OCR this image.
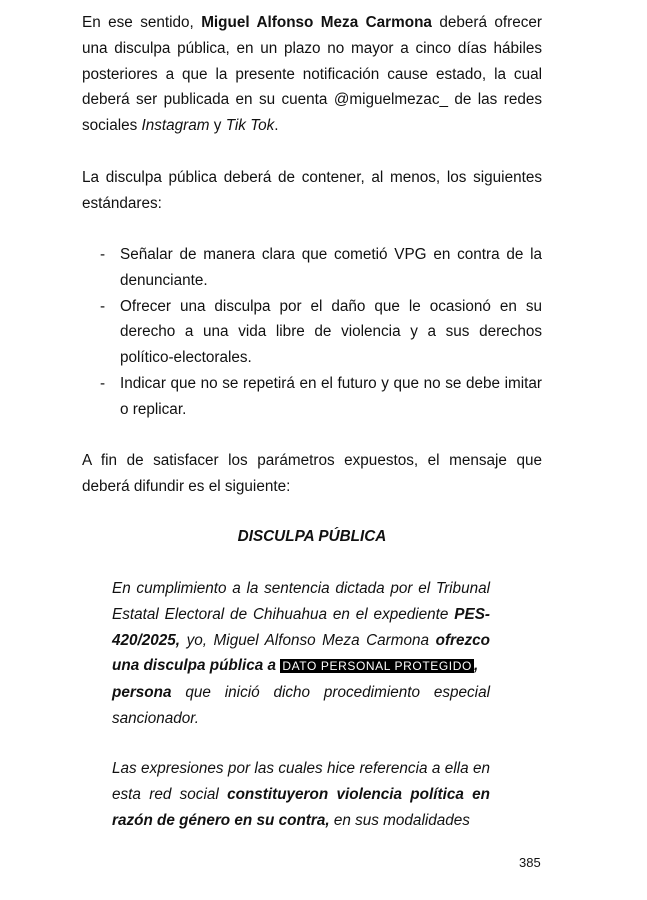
En ese sentido, Miguel Alfonso Meza Carmona deberá ofrecer una disculpa pública, en un plazo no mayor a cinco días hábiles posteriores a que la presente notificación cause estado, la cual deberá ser publicada en su cuenta @miguelmezac_ de las redes sociales Instagram y Tik Tok.

La disculpa pública deberá de contener, al menos, los siguientes estándares:

- Señalar de manera clara que cometió VPG en contra de la denunciante.
- Ofrecer una disculpa por el daño que le ocasionó en su derecho a una vida libre de violencia y a sus derechos político-electorales.
- Indicar que no se repetirá en el futuro y que no se debe imitar o replicar.

A fin de satisfacer los parámetros expuestos, el mensaje que deberá difundir es el siguiente:

DISCULPA PÚBLICA

En cumplimiento a la sentencia dictada por el Tribunal Estatal Electoral de Chihuahua en el expediente PES-420/2025, yo, Miguel Alfonso Meza Carmona ofrezco una disculpa pública a DATO PERSONAL PROTEGIDO ,
persona que inició dicho procedimiento especial sancionador.

Las expresiones por las cuales hice referencia a ella en esta red social constituyeron violencia política en razón de género en su contra, en sus modalidades

385
